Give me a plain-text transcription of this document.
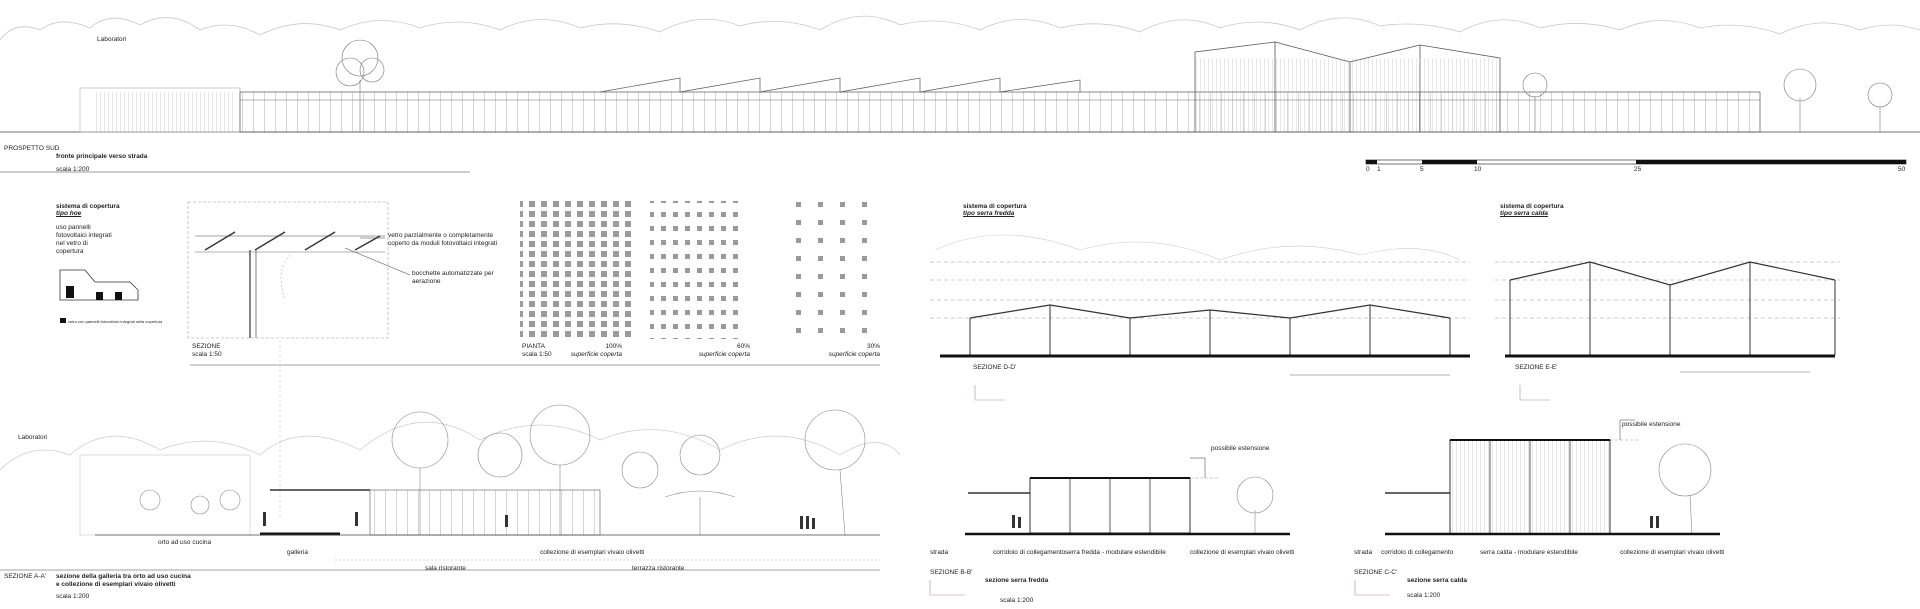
Laboratori
PROSPETTO SUD
fronte principale verso strada
scala 1:200	0 1	5	10	25	50
sistema di copertura
tipo hoe
uso pannelli fotovoltaici integrati nel vetro di copertura
vetro con pannelli fotovoltaici integrati nella copertura
vetro parzialmente o completamente coperto da moduli fotovoltaici integrati
bocchette automatizzate per aerazione
SEZIONE
scala 1:50
PIANTA
scala 1:50
100%
superficie coperta
60%
superficie coperta
30%
superficie coperta
sistema di copertura
tipo serra fredda
SEZIONE D-D'
sistema di copertura
tipo serra calda
SEZIONE E-E'
Laboratori
orto ad uso cucina
galleria	collezione di esemplari vivaio olivetti
sala ristorante	terrazza ristorante
SEZIONE A-A' sezione della galleria tra orto ad uso cucina
e collezione di esemplari vivaio olivetti
scala 1:200
possibile estensione
strada	corridoio di collegamento serra fredda - modulare estendibile	collezione di esemplari vivaio olivetti
SEZIONE B-B'
sezione serra fredda
scala 1:200
possibile estensione
strada corridoio di collegamento	serra calda - modulare estendibile	collezione di esemplari vivaio olivetti
SEZIONE C-C'
sezione serra calda
scala 1:200
